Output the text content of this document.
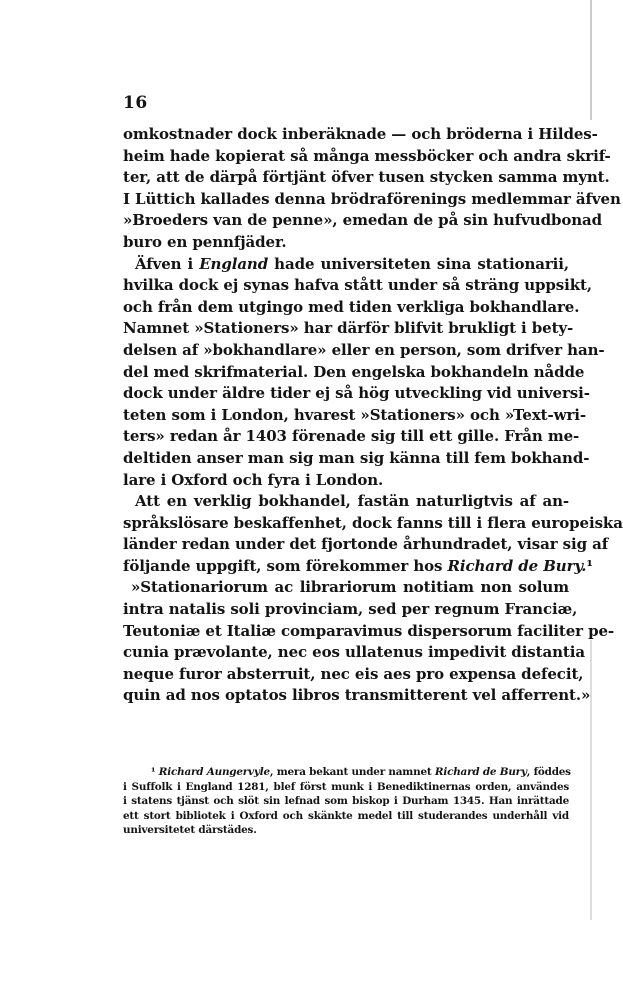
16
omkostnader dock inberäknade — och bröderna i Hildes-
heim hade kopierat så många messböcker och andra skrif-
ter, att de därpå förtjänt öfver tusen stycken samma mynt.
I Lüttich kallades denna brödraförenings medlemmar äfven
»Broeders van de penne», emedan de på sin hufvudbonad
buro en pennfjäder.
Äfven i England hade universiteten sina stationarii,
hvilka dock ej synas hafva stått under så sträng uppsikt,
och från dem utgingo med tiden verkliga bokhandlare.
Namnet »Stationers» har därför blifvit brukligt i bety-
delsen af »bokhandlare» eller en person, som drifver han-
del med skrifmaterial. Den engelska bokhandeln nådde
dock under äldre tider ej så hög utveckling vid universi-
teten som i London, hvarest »Stationers» och »Text-wri-
ters» redan år 1403 förenade sig till ett gille. Från me-
deltiden anser man sig man sig känna till fem bokhand-
lare i Oxford och fyra i London.
Att en verklig bokhandel, fastän naturligtvis af an-
språkslösare beskaffenhet, dock fanns till i flera europeiska
länder redan under det fjortonde århundradet, visar sig af
följande uppgift, som förekommer hos Richard de Bury.¹
»Stationariorum ac librariorum notitiam non solum
intra natalis soli provinciam, sed per regnum Franciæ,
Teutoniæ et Italiæ comparavimus dispersorum faciliter pe-
cunia prævolante, nec eos ullatenus impedivit distantia
neque furor absterruit, nec eis aes pro expensa defecit,
quin ad nos optatos libros transmitterent vel afferrent.»
¹ Richard Aungervyle, mera bekant under namnet Richard de Bury, föddes
i Suffolk i England 1281, blef först munk i Benediktinernas orden, användes
i statens tjänst och slöt sin lefnad som biskop i Durham 1345. Han inrättade
ett stort bibliotek i Oxford och skänkte medel till studerandes underhåll vid
universitetet därstädes.
